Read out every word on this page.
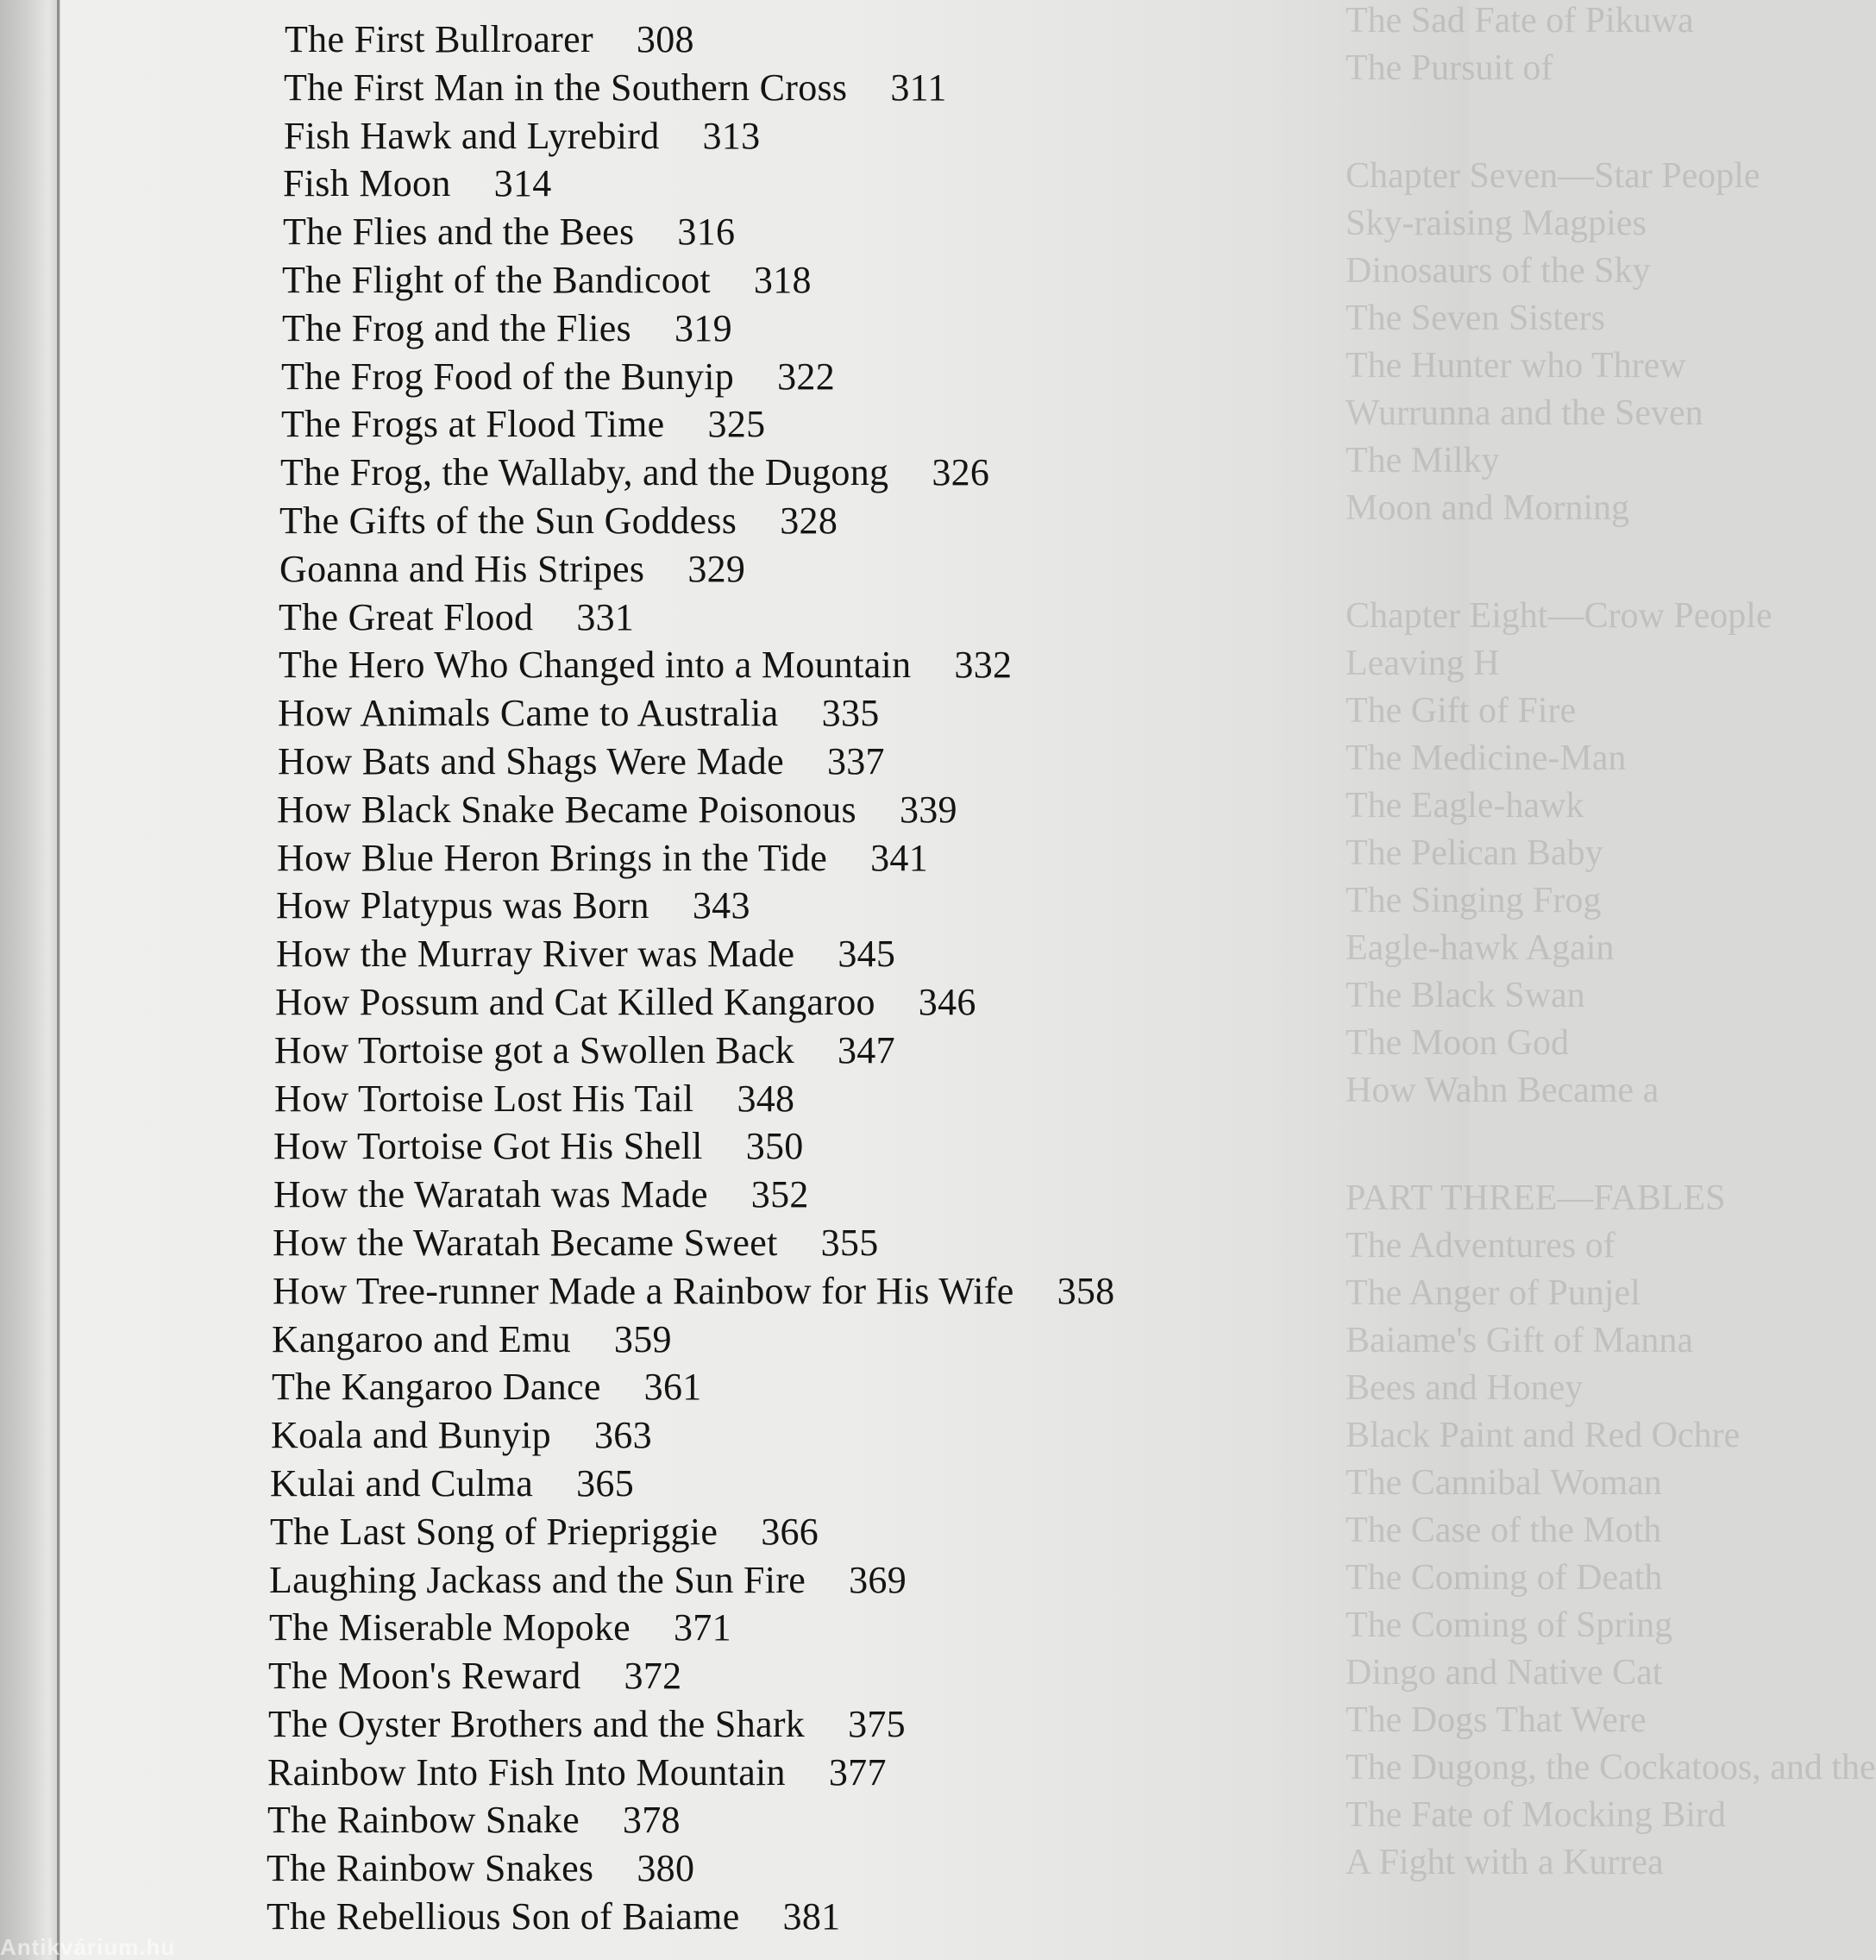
The Sad Fate of Pikuwa
The Pursuit of
Chapter Seven—Star People
Sky-raising Magpies
Dinosaurs of the Sky
The Seven Sisters
The Hunter who Threw
Wurrunna and the Seven
The Milky
Moon and Morning
Chapter Eight—Crow People
Leaving H
The Gift of Fire
The Medicine-Man
The Eagle-hawk
The Pelican Baby
The Singing Frog
Eagle-hawk Again
The Black Swan
The Moon God
How Wahn Became a
PART THREE—FABLES
The Adventures of
The Anger of Punjel
Baiame's Gift of Manna
Bees and Honey
Black Paint and Red Ochre
The Cannibal Woman
The Case of the Moth
The Coming of Death
The Coming of Spring
Dingo and Native Cat
The Dogs That Were
The Dugong, the Cockatoos, and the
The Fate of Mocking Bird
A Fight with a Kurrea
The First Bullroarer 308
The First Man in the Southern Cross 311
Fish Hawk and Lyrebird 313
Fish Moon 314
The Flies and the Bees 316
The Flight of the Bandicoot 318
The Frog and the Flies 319
The Frog Food of the Bunyip 322
The Frogs at Flood Time 325
The Frog, the Wallaby, and the Dugong 326
The Gifts of the Sun Goddess 328
Goanna and His Stripes 329
The Great Flood 331
The Hero Who Changed into a Mountain 332
How Animals Came to Australia 335
How Bats and Shags Were Made 337
How Black Snake Became Poisonous 339
How Blue Heron Brings in the Tide 341
How Platypus was Born 343
How the Murray River was Made 345
How Possum and Cat Killed Kangaroo 346
How Tortoise got a Swollen Back 347
How Tortoise Lost His Tail 348
How Tortoise Got His Shell 350
How the Waratah was Made 352
How the Waratah Became Sweet 355
How Tree-runner Made a Rainbow for His Wife 358
Kangaroo and Emu 359
The Kangaroo Dance 361
Koala and Bunyip 363
Kulai and Culma 365
The Last Song of Priepriggie 366
Laughing Jackass and the Sun Fire 369
The Miserable Mopoke 371
The Moon's Reward 372
The Oyster Brothers and the Shark 375
Rainbow Into Fish Into Mountain 377
The Rainbow Snake 378
The Rainbow Snakes 380
The Rebellious Son of Baiame 381
Antikvárium.hu
